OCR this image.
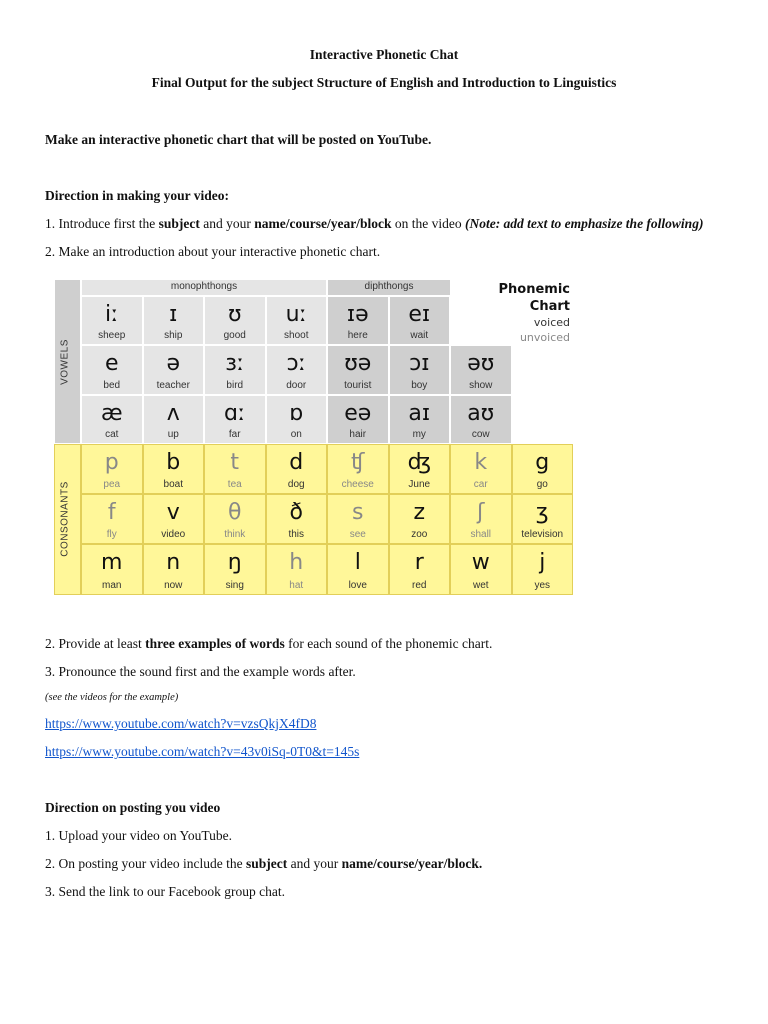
Interactive Phonetic Chat
Final Output for the subject Structure of English and Introduction to Linguistics
Make an interactive phonetic chart that will be posted on YouTube.
Direction in making your video:
1. Introduce first the subject and your name/course/year/block on the video (Note: add text to emphasize the following)
2. Make an introduction about your interactive phonetic chart.
VOWELS
CONSONANTS
monophthongs	diphthongs	Phonemic
Chart
voiced
unvoiced
iː
sheep
ɪ
ship
ʊ
good
uː
shoot
ɪə
here
eɪ
wait
e
bed
ə
teacher
ɜː
bird
ɔː
door
ʊə
tourist
ɔɪ
boy
əʊ
show
æ
cat
ʌ
up
ɑː
far
ɒ
on
eə
hair
aɪ
my
aʊ
cow
p
pea
b
boat
t
tea
d
dog
ʧ
cheese
ʤ
June
k
car
g
go
f
fly
v
video
θ
think
ð
this
s
see
z
zoo
ʃ
shall
ʒ
television
m
man
n
now
ŋ
sing
h
hat
l
love
r
red
w
wet
j
yes
2. Provide at least three examples of words for each sound of the phonemic chart.
3. Pronounce the sound first and the example words after.
(see the videos for the example)
https://www.youtube.com/watch?v=vzsQkjX4fD8
https://www.youtube.com/watch?v=43v0iSq-0T0&t=145s
Direction on posting you video
1. Upload your video on YouTube.
2. On posting your video include the subject and your name/course/year/block.
3. Send the link to our Facebook group chat.
